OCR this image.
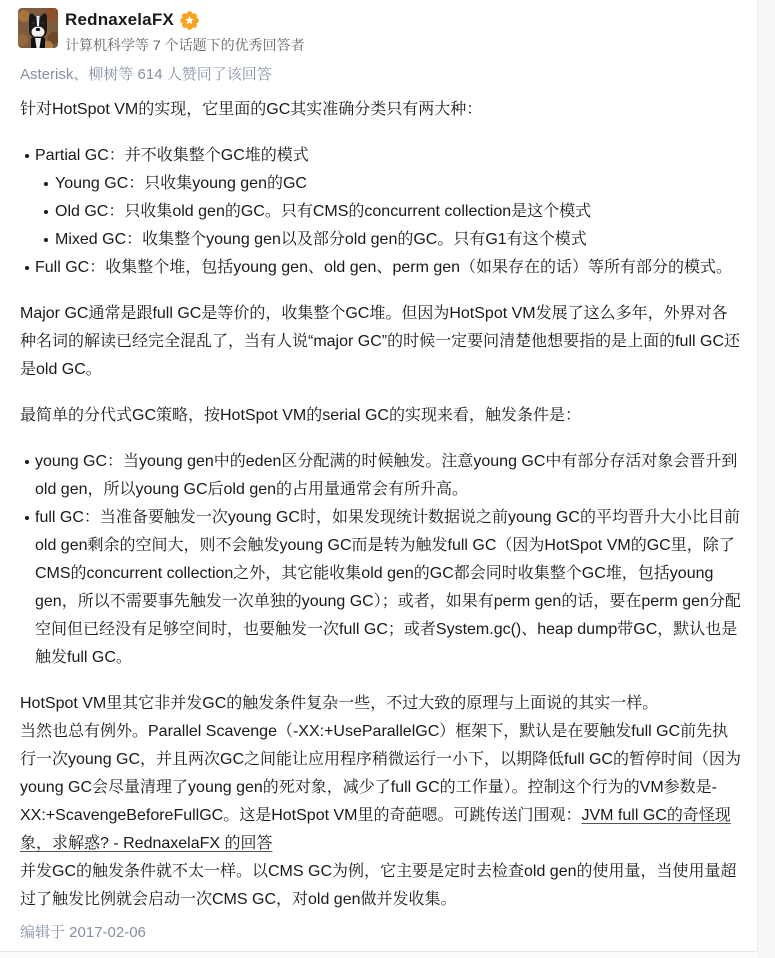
RednaxelaFX
计算机科学等 7 个话题下的优秀回答者
Asterisk、柳树等 614 人赞同了该回答

针对HotSpot VM的实现，它里面的GC其实准确分类只有两大种：

Partial GC：并不收集整个GC堆的模式
Young GC：只收集young gen的GC
Old GC：只收集old gen的GC。只有CMS的concurrent collection是这个模式
Mixed GC：收集整个young gen以及部分old gen的GC。只有G1有这个模式
Full GC：收集整个堆，包括young gen、old gen、perm gen（如果存在的话）等所有部分的模式。

Major GC通常是跟full GC是等价的，收集整个GC堆。但因为HotSpot VM发展了这么多年，外界对各种名词的解读已经完全混乱了，当有人说“major GC”的时候一定要问清楚他想要指的是上面的full GC还是old GC。

最简单的分代式GC策略，按HotSpot VM的serial GC的实现来看，触发条件是：

young GC：当young gen中的eden区分配满的时候触发。注意young GC中有部分存活对象会晋升到old gen，所以young GC后old gen的占用量通常会有所升高。
full GC：当准备要触发一次young GC时，如果发现统计数据说之前young GC的平均晋升大小比目前old gen剩余的空间大，则不会触发young GC而是转为触发full GC（因为HotSpot VM的GC里，除了CMS的concurrent collection之外，其它能收集old gen的GC都会同时收集整个GC堆，包括young gen，所以不需要事先触发一次单独的young GC）；或者，如果有perm gen的话，要在perm gen分配空间但已经没有足够空间时，也要触发一次full GC；或者System.gc()、heap dump带GC，默认也是触发full GC。

HotSpot VM里其它非并发GC的触发条件复杂一些，不过大致的原理与上面说的其实一样。
当然也总有例外。Parallel Scavenge（-XX:+UseParallelGC）框架下，默认是在要触发full GC前先执行一次young GC，并且两次GC之间能让应用程序稍微运行一小下，以期降低full GC的暂停时间（因为young GC会尽量清理了young gen的死对象，减少了full GC的工作量）。控制这个行为的VM参数是-XX:+ScavengeBeforeFullGC。这是HotSpot VM里的奇葩嗯。可跳传送门围观：JVM full GC的奇怪现象，求解惑? - RednaxelaFX 的回答
并发GC的触发条件就不太一样。以CMS GC为例，它主要是定时去检查old gen的使用量，当使用量超过了触发比例就会启动一次CMS GC，对old gen做并发收集。

编辑于 2017-02-06
